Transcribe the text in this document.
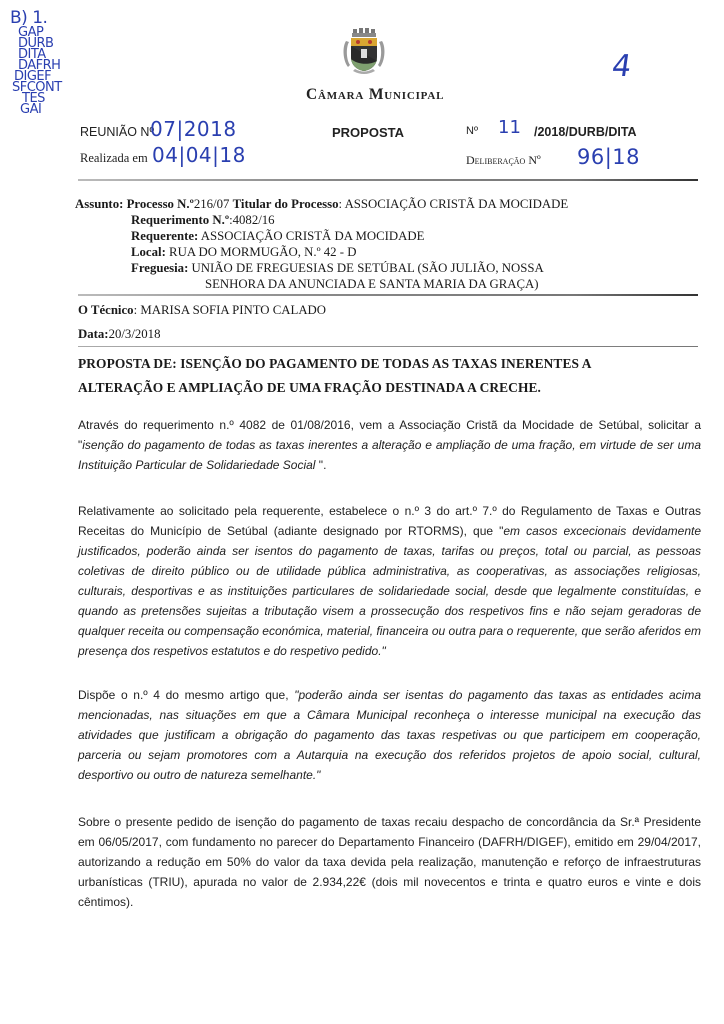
B) 1.
GAP
DURB
DITA
DAFRH
DIGEF
SFCONT
TES
GAI
Câmara Municipal
4
REUNIÃO Nº
07|2018
Realizada em 04|04|18
PROPOSTA	Nº 11 /2018/DURB/DITA
Deliberação Nº 96|18
Assunto: Processo N.º216/07 Titular do Processo: ASSOCIAÇÃO CRISTÃ DA MOCIDADE
Requerimento N.º:4082/16
Requerente: ASSOCIAÇÃO CRISTÃ DA MOCIDADE
Local: RUA DO MORMUGÃO, N.º 42 - D
Freguesia: UNIÃO DE FREGUESIAS DE SETÚBAL (SÃO JULIÃO, NOSSA
SENHORA DA ANUNCIADA E SANTA MARIA DA GRAÇA)
O Técnico: MARISA SOFIA PINTO CALADO
Data:20/3/2018
PROPOSTA DE: ISENÇÃO DO PAGAMENTO DE TODAS AS TAXAS INERENTES A
ALTERAÇÃO E AMPLIAÇÃO DE UMA FRAÇÃO DESTINADA A CRECHE.

Através do requerimento n.º 4082 de 01/08/2016, vem a Associação Cristã da Mocidade de Setúbal, solicitar a "isenção do pagamento de todas as taxas inerentes a alteração e ampliação de uma fração, em virtude de ser uma Instituição Particular de Solidariedade Social ".

Relativamente ao solicitado pela requerente, estabelece o n.º 3 do art.º 7.º do Regulamento de Taxas e Outras Receitas do Município de Setúbal (adiante designado por RTORMS), que "em casos excecionais devidamente justificados, poderão ainda ser isentos do pagamento de taxas, tarifas ou preços, total ou parcial, as pessoas coletivas de direito público ou de utilidade pública administrativa, as cooperativas, as associações religiosas, culturais, desportivas e as instituições particulares de solidariedade social, desde que legalmente constituídas, e quando as pretensões sujeitas a tributação visem a prossecução dos respetivos fins e não sejam geradoras de qualquer receita ou compensação económica, material, financeira ou outra para o requerente, que serão aferidos em presença dos respetivos estatutos e do respetivo pedido."

Dispõe o n.º 4 do mesmo artigo que, "poderão ainda ser isentas do pagamento das taxas as entidades acima mencionadas, nas situações em que a Câmara Municipal reconheça o interesse municipal na execução das atividades que justificam a obrigação do pagamento das taxas respetivas ou que participem em cooperação, parceria ou sejam promotores com a Autarquia na execução dos referidos projetos de apoio social, cultural, desportivo ou outro de natureza semelhante."

Sobre o presente pedido de isenção do pagamento de taxas recaiu despacho de concordância da Sr.ª Presidente em 06/05/2017, com fundamento no parecer do Departamento Financeiro (DAFRH/DIGEF), emitido em 29/04/2017, autorizando a redução em 50% do valor da taxa devida pela realização, manutenção e reforço de infraestruturas urbanísticas (TRIU), apurada no valor de 2.934,22€ (dois mil novecentos e trinta e quatro euros e vinte e dois cêntimos).
